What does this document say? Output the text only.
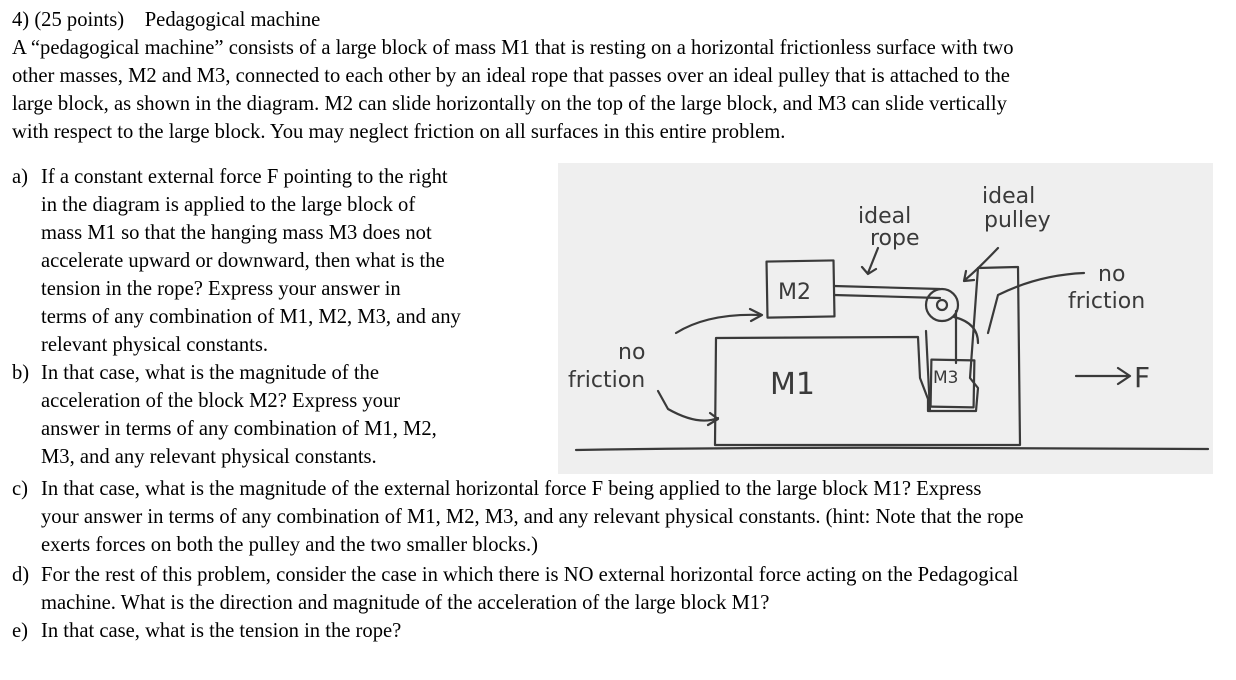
4) (25 points) Pedagogical machine
A “pedagogical machine” consists of a large block of mass M1 that is resting on a horizontal frictionless surface with two
other masses, M2 and M3, connected to each other by an ideal rope that passes over an ideal pulley that is attached to the
large block, as shown in the diagram. M2 can slide horizontally on the top of the large block, and M3 can slide vertically
with respect to the large block. You may neglect friction on all surfaces in this entire problem.
a) If a constant external force F pointing to the right
in the diagram is applied to the large block of
mass M1 so that the hanging mass M3 does not
accelerate upward or downward, then what is the
tension in the rope? Express your answer in
terms of any combination of M1, M2, M3, and any
relevant physical constants.
b) In that case, what is the magnitude of the
acceleration of the block M2? Express your
answer in terms of any combination of M1, M2,
M3, and any relevant physical constants.
c) In that case, what is the magnitude of the external horizontal force F being applied to the large block M1? Express
your answer in terms of any combination of M1, M2, M3, and any relevant physical constants. (hint: Note that the rope
exerts forces on both the pulley and the two smaller blocks.)
d) For the rest of this problem, consider the case in which there is NO external horizontal force acting on the Pedagogical
machine. What is the direction and magnitude of the acceleration of the large block M1?
e) In that case, what is the tension in the rope?
ideal
rope
ideal
pulley
no
friction
no
friction	M1
M2
M3	F
